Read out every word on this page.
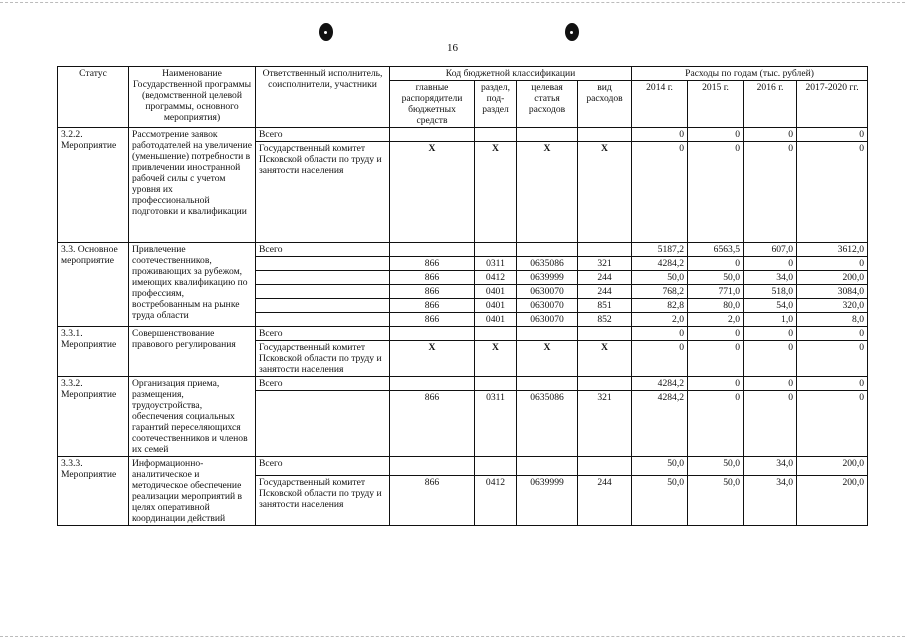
16
Статус	Наименование Государственной программы (ведомственной целевой программы, основного мероприятия)	Ответственный исполнитель, соисполнители, участники	Код бюджетной классификации				Расходы по годам (тыс. рублей)			
			главные распорядители бюджетных средств	раздел, под-раздел	целевая статья расходов	вид расходов	2014 г.	2015 г.	2016 г.	2017-2020 гг.
3.2.2. Мероприятие	Рассмотрение заявок работодателей на увеличение (уменьшение) потребности в привлечении иностранной рабочей силы с учетом уровня их профессиональной подготовки и квалификации	Всего					0	0	0	0
		Государственный комитет Псковской области по труду и занятости населения	X	X	X	X	0	0	0	0
3.3. Основное мероприятие	Привлечение соотечественников, проживающих за рубежом, имеющих квалификацию по профессиям, востребованным на рынке труда области	Всего					5187,2	6563,5	607,0	3612,0
			866	0311	0635086	321	4284,2	0	0	0
			866	0412	0639999	244	50,0	50,0	34,0	200,0
			866	0401	0630070	244	768,2	771,0	518,0	3084,0
			866	0401	0630070	851	82,8	80,0	54,0	320,0
			866	0401	0630070	852	2,0	2,0	1,0	8,0
3.3.1. Мероприятие	Совершенствование правового регулирования	Всего					0	0	0	0
		Государственный комитет Псковской области по труду и занятости населения	X	X	X	X	0	0	0	0
3.3.2. Мероприятие	Организация приема, размещения, трудоустройства, обеспечения социальных гарантий переселяющихся соотечественников и членов их семей	Всего					4284,2	0	0	0
			866	0311	0635086	321	4284,2	0	0	0
3.3.3. Мероприятие	Информационно-аналитическое и методическое обеспечение реализации мероприятий в целях оперативной координации действий	Всего					50,0	50,0	34,0	200,0
		Государственный комитет Псковской области по труду и занятости населения	866	0412	0639999	244	50,0	50,0	34,0	200,0
